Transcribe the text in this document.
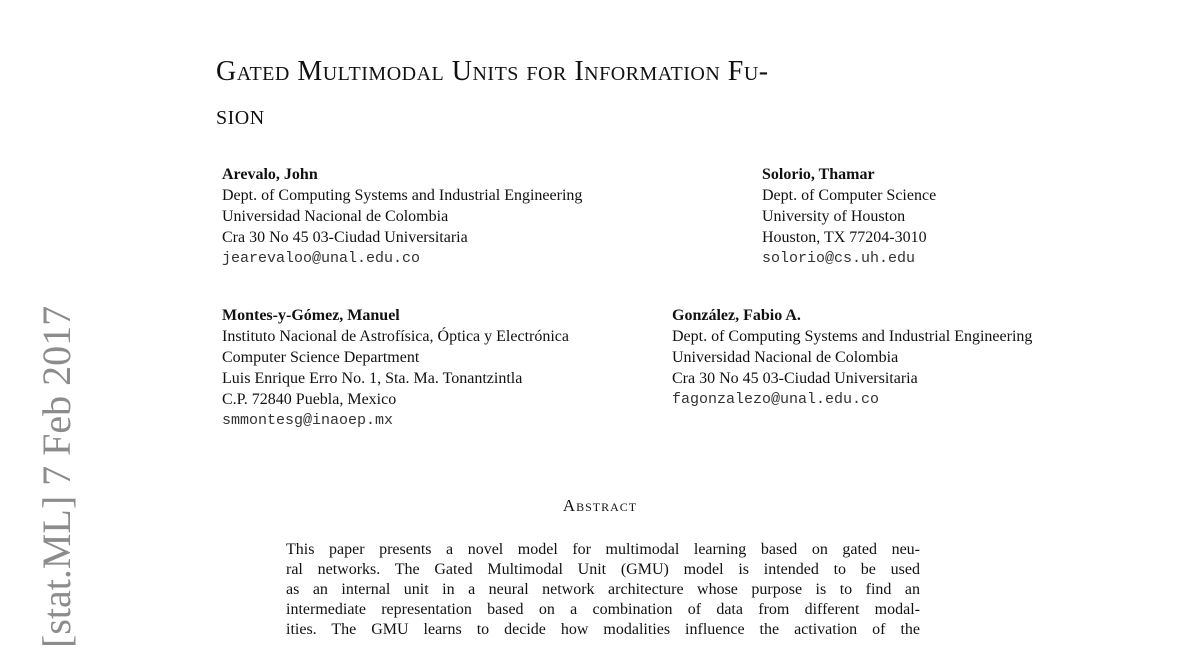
[stat.ML] 7 Feb 2017
Gated Multimodal Units for Information Fu-
sion
Arevalo, John
Dept. of Computing Systems and Industrial Engineering
Universidad Nacional de Colombia
Cra 30 No 45 03-Ciudad Universitaria
jearevaloo@unal.edu.co
Solorio, Thamar
Dept. of Computer Science
University of Houston
Houston, TX 77204-3010
solorio@cs.uh.edu
Montes-y-Gómez, Manuel
Instituto Nacional de Astrofísica, Óptica y Electrónica
Computer Science Department
Luis Enrique Erro No. 1, Sta. Ma. Tonantzintla
C.P. 72840 Puebla, Mexico
smmontesg@inaoep.mx
González, Fabio A.
Dept. of Computing Systems and Industrial Engineering
Universidad Nacional de Colombia
Cra 30 No 45 03-Ciudad Universitaria
fagonzalezo@unal.edu.co
Abstract
This paper presents a novel model for multimodal learning based on gated neu-
ral networks. The Gated Multimodal Unit (GMU) model is intended to be used
as an internal unit in a neural network architecture whose purpose is to find an
intermediate representation based on a combination of data from different modal-
ities. The GMU learns to decide how modalities influence the activation of the
